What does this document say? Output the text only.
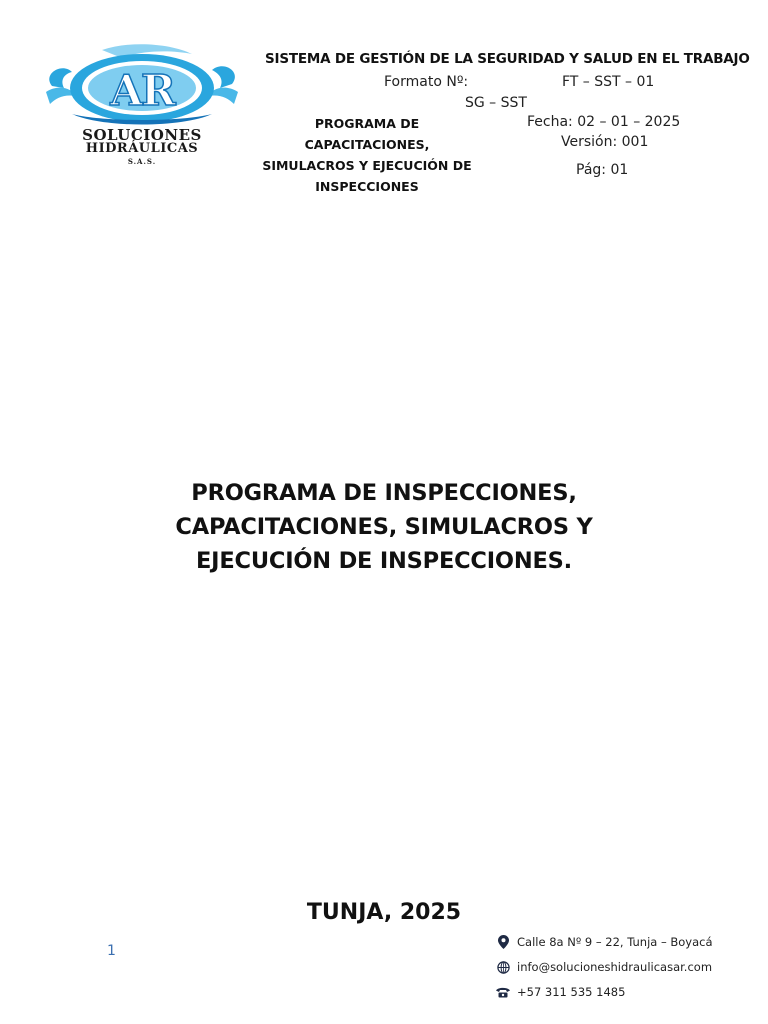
AR
SOLUCIONES
HIDRÁULICAS
S.A.S.
SISTEMA DE GESTIÓN DE LA SEGURIDAD Y SALUD EN EL TRABAJO
Formato Nº:	FT – SST – 01
SG – SST
PROGRAMA DE CAPACITACIONES, SIMULACROS Y EJECUCIÓN DE INSPECCIONES
Fecha: 02 – 01 – 2025
Versión: 001
Pág: 01
PROGRAMA DE INSPECCIONES,
CAPACITACIONES, SIMULACROS Y
EJECUCIÓN DE INSPECCIONES.
TUNJA, 2025
1
Calle 8a Nº 9 – 22, Tunja – Boyacá
info@solucioneshidraulicasar.com
+57 311 535 1485
